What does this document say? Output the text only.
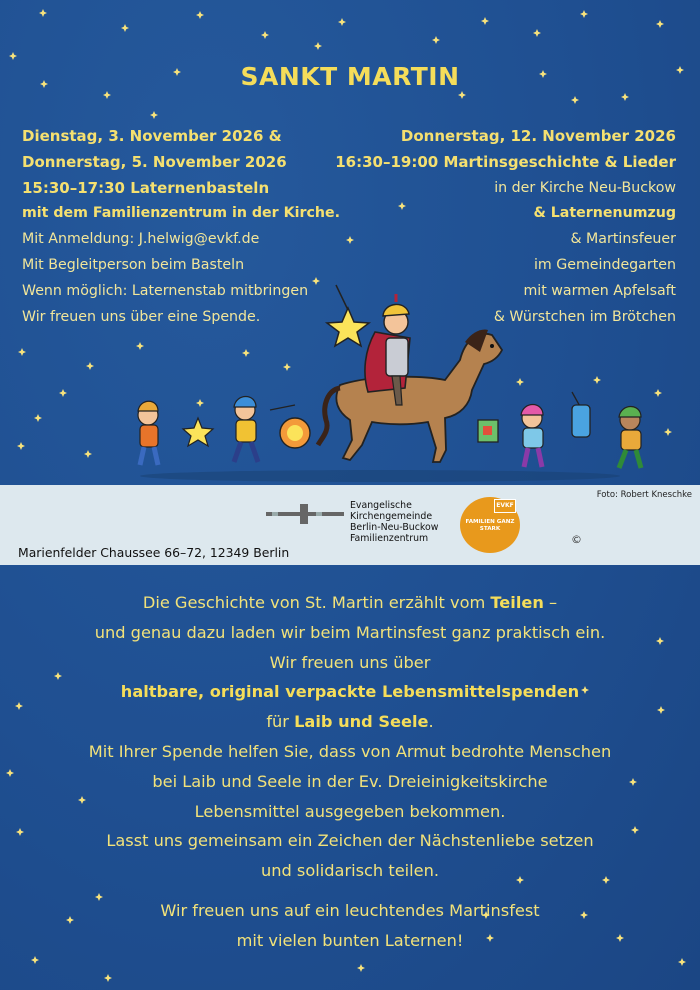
SANKT MARTIN
Dienstag, 3. November 2026 &
Donnerstag, 5. November 2026
15:30–17:30 Laternenbasteln
mit dem Familienzentrum in der Kirche.
Mit Anmeldung: J.helwig@evkf.de
Mit Begleitperson beim Basteln
Wenn möglich: Laternenstab mitbringen
Wir freuen uns über eine Spende.
Donnerstag, 12. November 2026
16:30–19:00 Martinsgeschichte & Lieder
in der Kirche Neu-Buckow
& Laternenumzug
& Martinsfeuer
im Gemeindegarten
mit warmen Apfelsaft
& Würstchen im Brötchen
Foto: Robert Kneschke
Evangelische
Kirchengemeinde
Berlin-Neu-Buckow
Familienzentrum
EVKF
FAMILIEN GANZ STARK
©
Marienfelder Chaussee 66–72, 12349 Berlin
Die Geschichte von St. Martin erzählt vom Teilen –
und genau dazu laden wir beim Martinsfest ganz praktisch ein.
Wir freuen uns über
haltbare, original verpackte Lebensmittelspenden
für Laib und Seele.
Mit Ihrer Spende helfen Sie, dass von Armut bedrohte Menschen
bei Laib und Seele in der Ev. Dreieinigkeitskirche
Lebensmittel ausgegeben bekommen.
Lasst uns gemeinsam ein Zeichen der Nächstenliebe setzen
und solidarisch teilen.
Wir freuen uns auf ein leuchtendes Martinsfest
mit vielen bunten Laternen!
